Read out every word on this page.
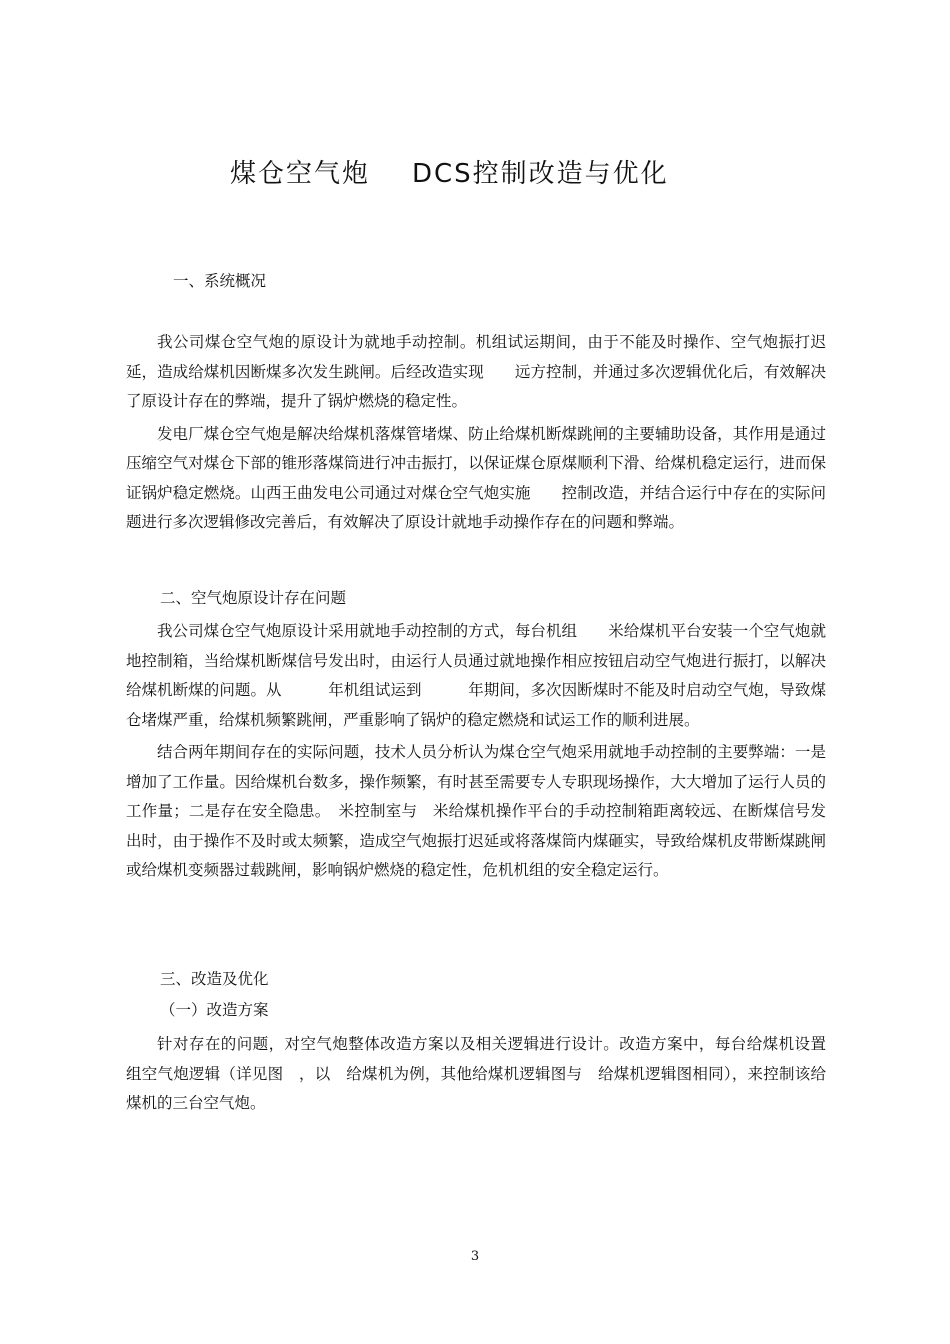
煤仓空气炮 DCS控制改造与优化
一、系统概况

我公司煤仓空气炮的原设计为就地手动控制。机组试运期间，由于不能及时操作、空气炮振打迟延，造成给煤机因断煤多次发生跳闸。后经改造实现　　远方控制，并通过多次逻辑优化后，有效解决了原设计存在的弊端，提升了锅炉燃烧的稳定性。

发电厂煤仓空气炮是解决给煤机落煤管堵煤、防止给煤机断煤跳闸的主要辅助设备，其作用是通过压缩空气对煤仓下部的锥形落煤筒进行冲击振打，以保证煤仓原煤顺利下滑、给煤机稳定运行，进而保证锅炉稳定燃烧。山西王曲发电公司通过对煤仓空气炮实施　　控制改造，并结合运行中存在的实际问题进行多次逻辑修改完善后，有效解决了原设计就地手动操作存在的问题和弊端。

二、空气炮原设计存在问题

我公司煤仓空气炮原设计采用就地手动控制的方式，每台机组　　米给煤机平台安装一个空气炮就地控制箱，当给煤机断煤信号发出时，由运行人员通过就地操作相应按钮启动空气炮进行振打，以解决给煤机断煤的问题。从　　　年机组试运到　　　年期间，多次因断煤时不能及时启动空气炮，导致煤仓堵煤严重，给煤机频繁跳闸，严重影响了锅炉的稳定燃烧和试运工作的顺利进展。

结合两年期间存在的实际问题，技术人员分析认为煤仓空气炮采用就地手动控制的主要弊端：一是增加了工作量。因给煤机台数多，操作频繁，有时甚至需要专人专职现场操作，大大增加了运行人员的工作量；二是存在安全隐患。　米控制室与　米给煤机操作平台的手动控制箱距离较远、在断煤信号发出时，由于操作不及时或太频繁，造成空气炮振打迟延或将落煤筒内煤砸实，导致给煤机皮带断煤跳闸或给煤机变频器过载跳闸，影响锅炉燃烧的稳定性，危机机组的安全稳定运行。

三、改造及优化
（一）改造方案

针对存在的问题，对空气炮整体改造方案以及相关逻辑进行设计。改造方案中，每台给煤机设置　组空气炮逻辑（详见图　，以　给煤机为例，其他给煤机逻辑图与　给煤机逻辑图相同），来控制该给煤机的三台空气炮。

3
